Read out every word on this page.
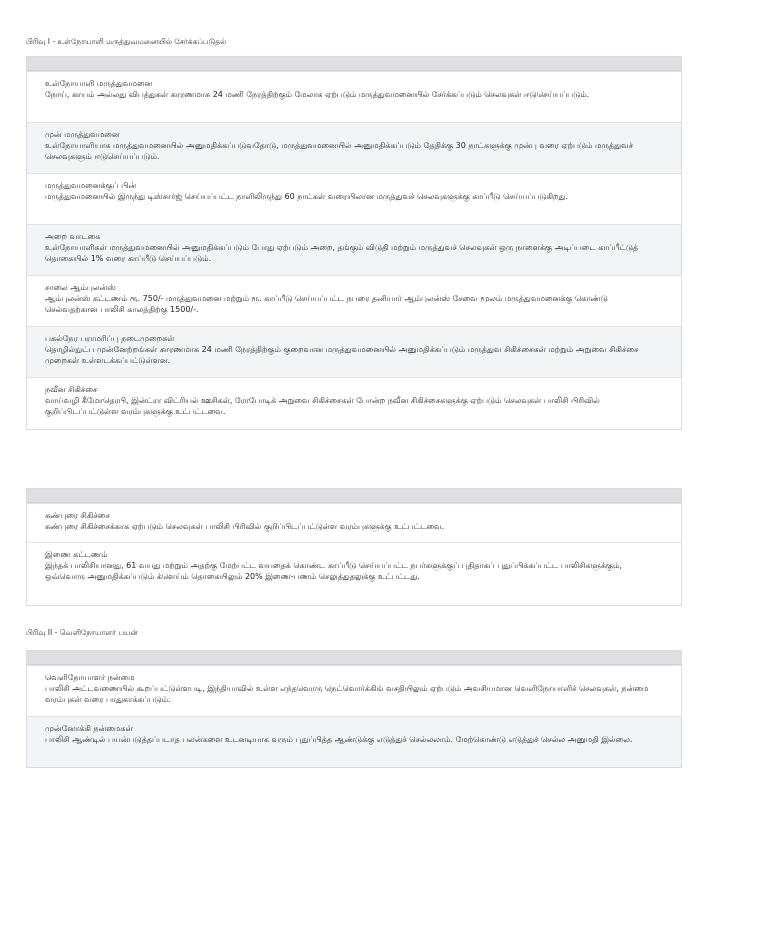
பிரிவு I - உள்நோயாளி மருத்துவமனையில் சேர்க்கப்படுதல்
உள்நோயாளி மருத்துவமனை
நோய், காயம் அல்லது விபத்துகள் காரணமாக 24 மணி நேரத்திற்கும் மேலாக ஏற்படும் மருத்துவமனையில் சேர்க்கப்படும் செலவுகள் ஈடுசெய்யப்படும்.
முன் மருத்துவமனை
உள்நோயாளியாக மருத்துவமனையில் அனுமதிக்கப்படுவதோடு, மருத்துவமனையில் அனுமதிக்கப்படும் தேதிக்கு 30 நாட்களுக்கு முன்பு வரை ஏற்படும் மருத்துவச் செலவுகளும் ஈடுசெய்யப்படும்.
மருத்துவமனைக்குப் பின்
மருத்துவமனையில் இருந்து டிஸ்சார்ஜ் செய்யப்பட்ட நாளிலிருந்து 60 நாட்கள் வரையிலான மருத்துவச் செலவுகளுக்கு காப்பீடு செய்யப்படுகிறது.
அறை வாடகை
உள்நோயாளிகள் மருத்துவமனையில் அனுமதிக்கப்படும் போது ஏற்படும் அறை, தங்கும் விடுதி மற்றும் மருத்துவச் செலவுகள் ஒரு நாளைக்கு அடிப்படை காப்பீட்டுத் தொகையில் 1% வரை காப்பீடு செய்யப்படும்.
சாலை ஆம்புலன்ஸ்
ஆம்புலன்ஸ் கட்டணம் ரூ. 750/- மருத்துவமனை மற்றும் ரூ. காப்பீடு செய்யப்பட்ட நபரை தனியார் ஆம்புலன்ஸ் சேவை மூலம் மருத்துவமனைக்கு கொண்டு செல்வதற்கான பாலிசி காலத்திற்கு 1500/-.
பகல்நேர பராமரிப்பு நடைமுறைகள்
தொழில்நுட்ப முன்னேற்றங்கள் காரணமாக 24 மணி நேரத்திற்கும் குறைவான மருத்துவமனையில் அனுமதிக்கப்படும் மருத்துவ சிகிச்சைகள் மற்றும் அறுவை சிகிச்சை முறைகள் உள்ளடக்கப்பட்டுள்ளன.
நவீன சிகிச்சை
வாய்வழி கீமோதெரபி, இன்ட்ரா விட்ரியல் ஊசிகள், ரோபோடிக் அறுவை சிகிச்சைகள் போன்ற நவீன சிகிச்சைகளுக்கு ஏற்படும் செலவுகள் பாலிசி பிரிவில் குறிப்பிடப்பட்டுள்ள வரம்புகளுக்கு உட்பட்டவை.
கண்புரை சிகிச்சை
கண்புரை சிகிச்சைக்காக ஏற்படும் செலவுகள் பாலிசி பிரிவில் குறிப்பிடப்பட்டுள்ள வரம்புகளுக்கு உட்பட்டவை.
இணை கட்டணம்
இந்தக் பாலிசியானது, 61 வயது மற்றும் அதற்கு மேற்பட்ட வயதைக் கொண்ட காப்பீடு செய்யப்பட்ட நபர்களுக்குப் புதிதாகப் புதுப்பிக்கப்பட்ட பாலிசிகளுக்கும், ஒவ்வொரு அனுமதிக்கப்படும் க்ளெய்ம் தொகையிலும் 20% இணை-பணம் செலுத்துதலுக்கு உட்பட்டது.
பிரிவு II - வெளிநோயாளர் பயன்
வெளிநோயாளர் நன்மை
பாலிசி அட்டவணையில் கூறப்பட்டுள்ளபடி, இந்தியாவில் உள்ள எந்தவொரு நெட்வொர்க்கிங் வசதியிலும் ஏற்படும் அவசியமான வெளிநோயாளிச் செலவுகள், நன்மை வரம்புகள் வரை பாதுகாக்கப்படும்.
முன்னோக்கி நன்மைகள்
பாலிசி ஆண்டில் பயன்படுத்தப்படாத பலன்களை உடனடியாக வரும் புதுப்பித்த ஆண்டுக்கு எடுத்துச் செல்லலாம். மேற்கொண்டு எடுத்துச் செல்ல அனுமதி இல்லை.
